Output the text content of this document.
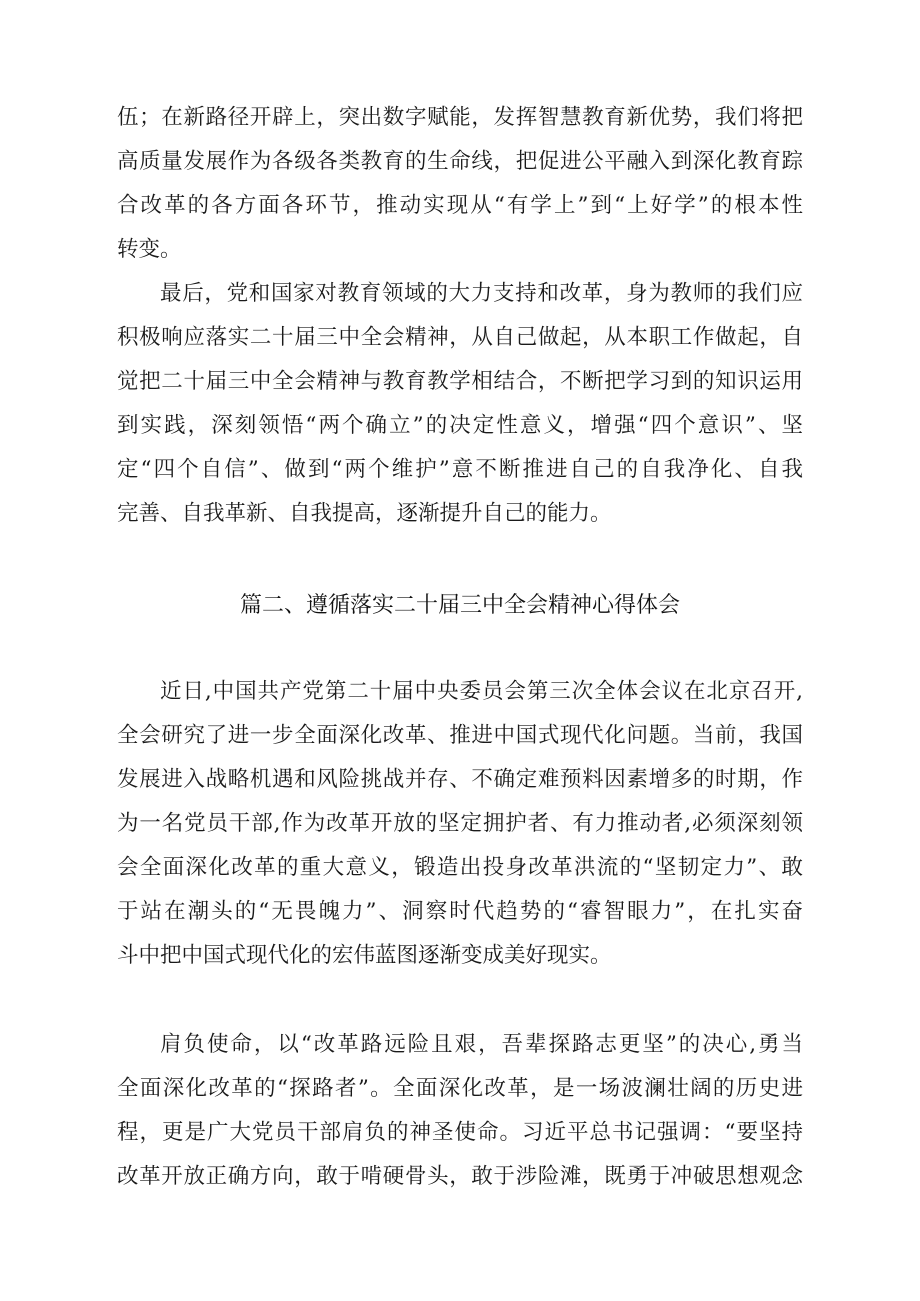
伍；在新路径开辟上，突出数字赋能，发挥智慧教育新优势，我们将把
高质量发展作为各级各类教育的生命线，把促进公平融入到深化教育踪
合改革的各方面各环节，推动实现从“有学上”到“上好学”的根本性
转变。
最后，党和国家对教育领域的大力支持和改革，身为教师的我们应
积极响应落实二十届三中全会精神，从自己做起，从本职工作做起，自
觉把二十届三中全会精神与教育教学相结合，不断把学习到的知识运用
到实践，深刻领悟“两个确立”的决定性意义，增强“四个意识”、坚
定“四个自信”、做到“两个维护”意不断推进自己的自我净化、自我
完善、自我革新、自我提高，逐渐提升自己的能力。
篇二、遵循落实二十届三中全会精神心得体会
近日,中国共产党第二十届中央委员会第三次全体会议在北京召开,
全会研究了进一步全面深化改革、推进中国式现代化问题。当前，我国
发展进入战略机遇和风险挑战并存、不确定难预料因素增多的时期，作
为一名党员干部,作为改革开放的坚定拥护者、有力推动者,必须深刻领
会全面深化改革的重大意义，锻造出投身改革洪流的“坚韧定力”、敢
于站在潮头的“无畏魄力”、洞察时代趋势的“睿智眼力”，在扎实奋
斗中把中国式现代化的宏伟蓝图逐渐变成美好现实。
肩负使命，以“改革路远险且艰，吾辈探路志更坚”的决心,勇当
全面深化改革的“探路者”。全面深化改革，是一场波澜壮阔的历史进
程，更是广大党员干部肩负的神圣使命。习近平总书记强调：“要坚持
改革开放正确方向，敢于啃硬骨头，敢于涉险滩，既勇于冲破思想观念
